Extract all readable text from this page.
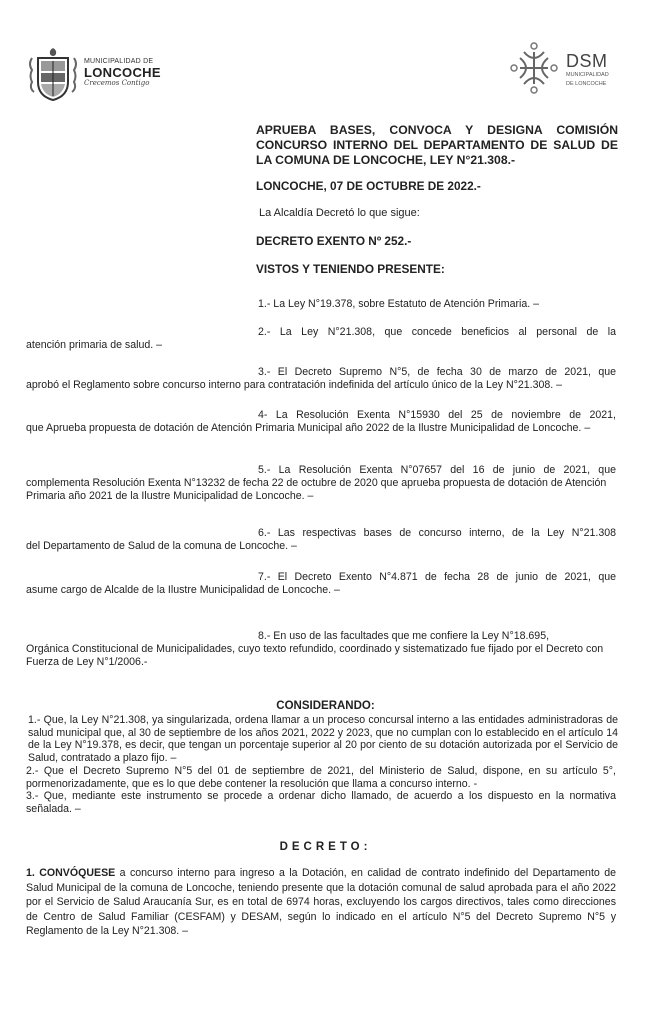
MUNICIPALIDAD DE
LONCOCHE
Crecemos Contigo
DSM
MUNICIPALIDAD
DE LONCOCHE
APRUEBA BASES, CONVOCA Y DESIGNA COMISIÓN CONCURSO INTERNO DEL DEPARTAMENTO DE SALUD DE LA COMUNA DE LONCOCHE, LEY N°21.308.-
LONCOCHE, 07 DE OCTUBRE DE 2022.-
La Alcaldía Decretó lo que sigue:
DECRETO EXENTO Nº 252.-
VISTOS Y TENIENDO PRESENTE:
1.- La Ley N°19.378, sobre Estatuto de Atención Primaria. –
2.- La Ley N°21.308, que concede beneficios al personal de la
atención primaria de salud. –
3.- El Decreto Supremo N°5, de fecha 30 de marzo de 2021, que
aprobó el Reglamento sobre concurso interno para contratación indefinida del artículo único de la Ley N°21.308. –
4- La Resolución Exenta N°15930 del 25 de noviembre de 2021,
que Aprueba propuesta de dotación de Atención Primaria Municipal año 2022 de la Ilustre Municipalidad de Loncoche. –
5.- La Resolución Exenta N°07657 del 16 de junio de 2021, que
complementa Resolución Exenta N°13232 de fecha 22 de octubre de 2020 que aprueba propuesta de dotación de Atención Primaria año 2021 de la Ilustre Municipalidad de Loncoche. –
6.- Las respectivas bases de concurso interno, de la Ley N°21.308
del Departamento de Salud de la comuna de Loncoche. –
7.- El Decreto Exento N°4.871 de fecha 28 de junio de 2021, que
asume cargo de Alcalde de la Ilustre Municipalidad de Loncoche. –
8.- En uso de las facultades que me confiere la Ley N°18.695,
Orgánica Constitucional de Municipalidades, cuyo texto refundido, coordinado y sistematizado fue fijado por el Decreto con Fuerza de Ley N°1/2006.-
CONSIDERANDO:
1.- Que, la Ley N°21.308, ya singularizada, ordena llamar a un proceso concursal interno a las entidades administradoras de salud municipal que, al 30 de septiembre de los años 2021, 2022 y 2023, que no cumplan con lo establecido en el artículo 14 de la Ley N°19.378, es decir, que tengan un porcentaje superior al 20 por ciento de su dotación autorizada por el Servicio de Salud, contratado a plazo fijo. –
2.- Que el Decreto Supremo N°5 del 01 de septiembre de 2021, del Ministerio de Salud, dispone, en su artículo 5°, pormenorizadamente, que es lo que debe contener la resolución que llama a concurso interno. -
3.- Que, mediante este instrumento se procede a ordenar dicho llamado, de acuerdo a los dispuesto en la normativa señalada. –
DECRETO:
1. CONVÓQUESE a concurso interno para ingreso a la Dotación, en calidad de contrato indefinido del Departamento de Salud Municipal de la comuna de Loncoche, teniendo presente que la dotación comunal de salud aprobada para el año 2022 por el Servicio de Salud Araucanía Sur, es en total de 6974 horas, excluyendo los cargos directivos, tales como direcciones de Centro de Salud Familiar (CESFAM) y DESAM, según lo indicado en el artículo N°5 del Decreto Supremo N°5 y Reglamento de la Ley N°21.308. –
